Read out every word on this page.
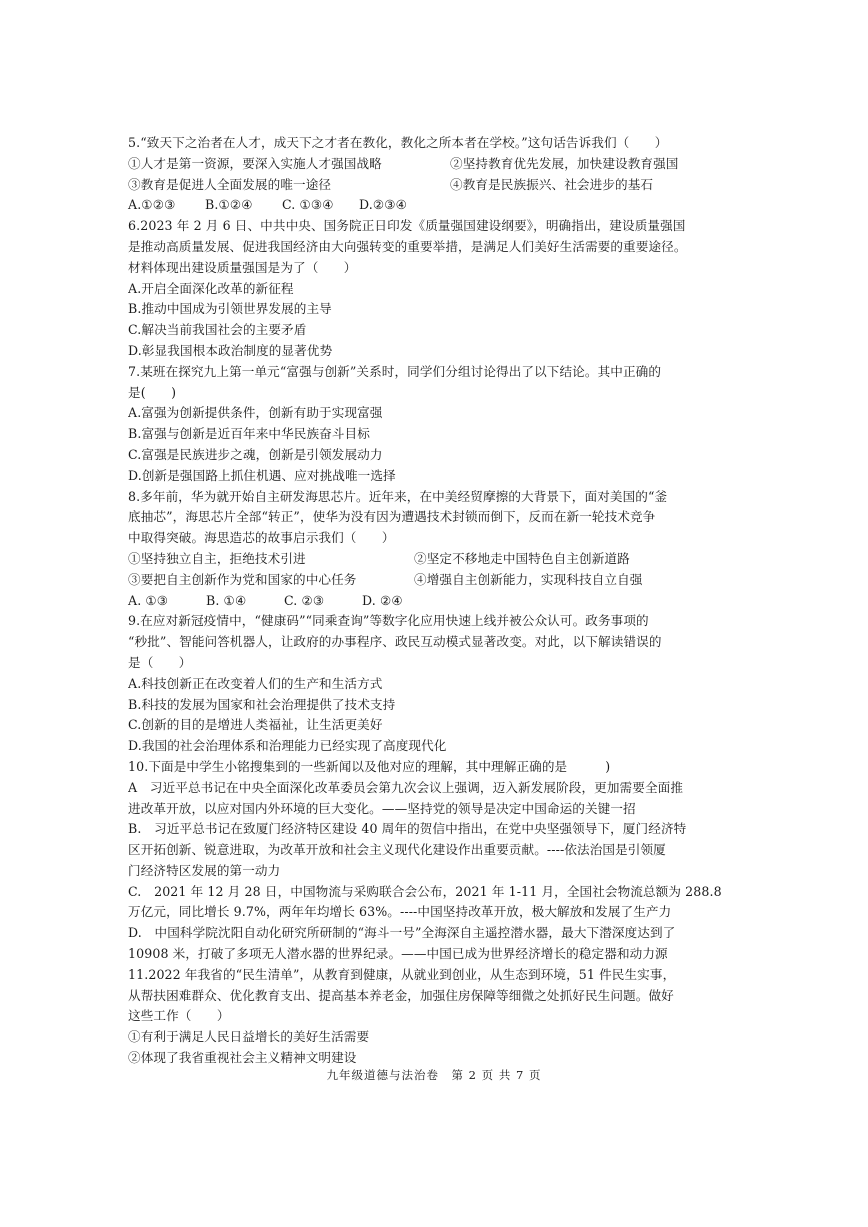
5.“致天下之治者在人才，成天下之才者在教化，教化之所本者在学校。”这句话告诉我们（　　）
①人才是第一资源，要深入实施人才强国战略	②坚持教育优先发展，加快建设教育强国
③教育是促进人全面发展的唯一途径	④教育是民族振兴、社会进步的基石
A.①②③	B.①②④	C. ①③④	D.②③④
6.2023 年 2 月 6 日、中共中央、国务院正日印发《质量强国建设纲要》，明确指出，建设质量强国
是推动高质量发展、促进我国经济由大向强转变的重要举措，是满足人们美好生活需要的重要途径。
材料体现出建设质量强国是为了（　　）
A.开启全面深化改革的新征程
B.推动中国成为引领世界发展的主导
C.解决当前我国社会的主要矛盾
D.彰显我国根本政治制度的显著优势
7.某班在探究九上第一单元“富强与创新”关系时，同学们分组讨论得出了以下结论。其中正确的
是(　　)
A.富强为创新提供条件，创新有助于实现富强
B.富强与创新是近百年来中华民族奋斗目标
C.富强是民族进步之魂，创新是引领发展动力
D.创新是强国路上抓住机遇、应对挑战唯一选择
8.多年前，华为就开始自主研发海思芯片。近年来，在中美经贸摩擦的大背景下，面对美国的“釜
底抽芯”，海思芯片全部“转正”，使华为没有因为遭遇技术封锁而倒下，反而在新一轮技术竞争
中取得突破。海思造芯的故事启示我们（　　）
①坚持独立自主，拒绝技术引进	②坚定不移地走中国特色自主创新道路
③要把自主创新作为党和国家的中心任务	④增强自主创新能力，实现科技自立自强
A. ①③	B. ①④	C. ②③	D. ②④
9.在应对新冠疫情中，“健康码”“同乘查询”等数字化应用快速上线并被公众认可。政务事项的
“秒批”、智能问答机器人，让政府的办事程序、政民互动模式显著改变。对此，以下解读错误的
是（　　）
A.科技创新正在改变着人们的生产和生活方式
B.科技的发展为国家和社会治理提供了技术支持
C.创新的目的是增进人类福祉，让生活更美好
D.我国的社会治理体系和治理能力已经实现了高度现代化
10.下面是中学生小铭搜集到的一些新闻以及他对应的理解，其中理解正确的是　　　)
A　习近平总书记在中央全面深化改革委员会第九次会议上强调，迈入新发展阶段，更加需要全面推
进改革开放，以应对国内外环境的巨大变化。——坚持党的领导是决定中国命运的关键一招
B.　习近平总书记在致厦门经济特区建设 40 周年的贺信中指出，在党中央坚强领导下，厦门经济特
区开拓创新、锐意进取，为改革开放和社会主义现代化建设作出重要贡献。----依法治国是引领厦
门经济特区发展的第一动力
C.　2021 年 12 月 28 日，中国物流与采购联合会公布，2021 年 1-11 月，全国社会物流总额为 288.8
万亿元，同比增长 9.7%，两年年均增长 63%。----中国坚持改革开放，极大解放和发展了生产力
D.　中国科学院沈阳自动化研究所研制的“海斗一号”全海深自主遥控潜水器，最大下潜深度达到了
10908 米，打破了多项无人潜水器的世界纪录。——中国已成为世界经济增长的稳定器和动力源
11.2022 年我省的“民生清单”，从教育到健康，从就业到创业，从生态到环境，51 件民生实事，
从帮扶困难群众、优化教育支出、提高基本养老金，加强住房保障等细微之处抓好民生问题。做好
这些工作（　　）
①有利于满足人民日益增长的美好生活需要
②体现了我省重视社会主义精神文明建设
九年级道德与法治卷　第 2 页 共 7 页
